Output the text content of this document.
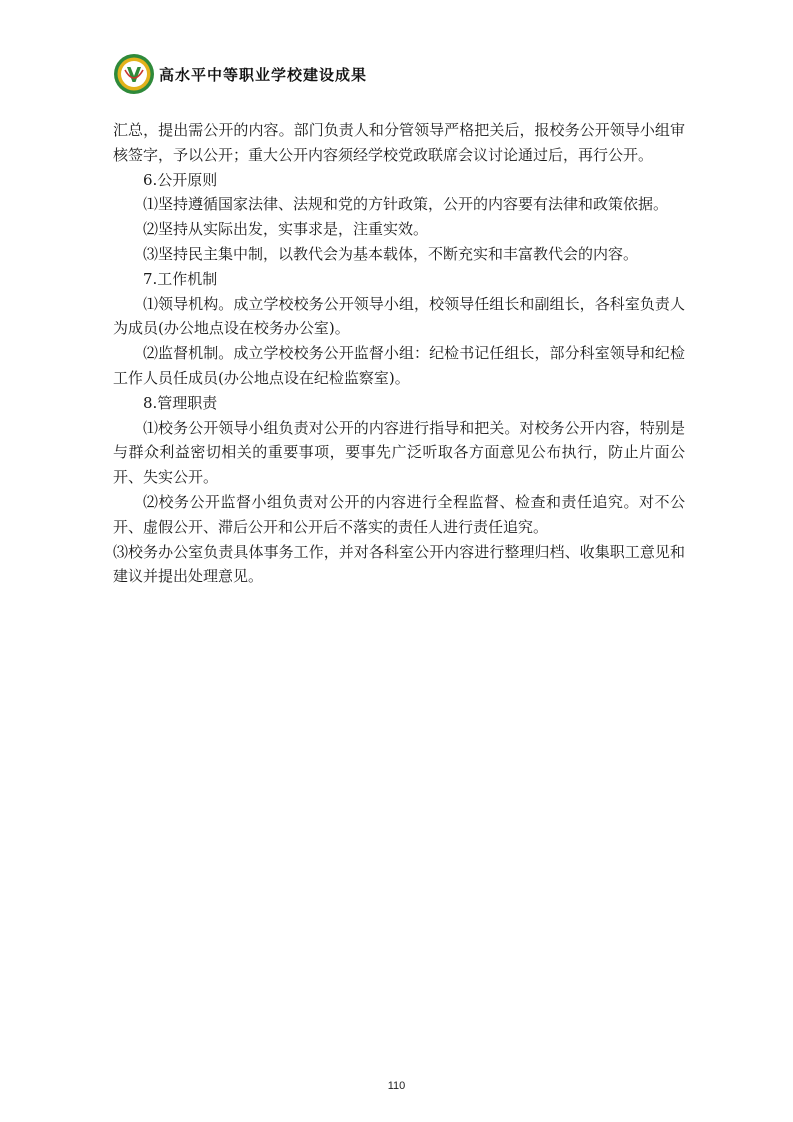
高水平中等职业学校建设成果

汇总，提出需公开的内容。部门负责人和分管领导严格把关后，报校务公开领导小组审核签字，予以公开；重大公开内容须经学校党政联席会议讨论通过后，再行公开。

6.公开原则

⑴坚持遵循国家法律、法规和党的方针政策，公开的内容要有法律和政策依据。

⑵坚持从实际出发，实事求是，注重实效。

⑶坚持民主集中制，以教代会为基本载体，不断充实和丰富教代会的内容。

7.工作机制

⑴领导机构。成立学校校务公开领导小组，校领导任组长和副组长，各科室负责人为成员(办公地点设在校务办公室)。

⑵监督机制。成立学校校务公开监督小组：纪检书记任组长，部分科室领导和纪检工作人员任成员(办公地点设在纪检监察室)。

8.管理职责

⑴校务公开领导小组负责对公开的内容进行指导和把关。对校务公开内容，特别是与群众利益密切相关的重要事项，要事先广泛听取各方面意见公布执行，防止片面公开、失实公开。

⑵校务公开监督小组负责对公开的内容进行全程监督、检查和责任追究。对不公开、虚假公开、滞后公开和公开后不落实的责任人进行责任追究。

⑶校务办公室负责具体事务工作，并对各科室公开内容进行整理归档、收集职工意见和建议并提出处理意见。

110
